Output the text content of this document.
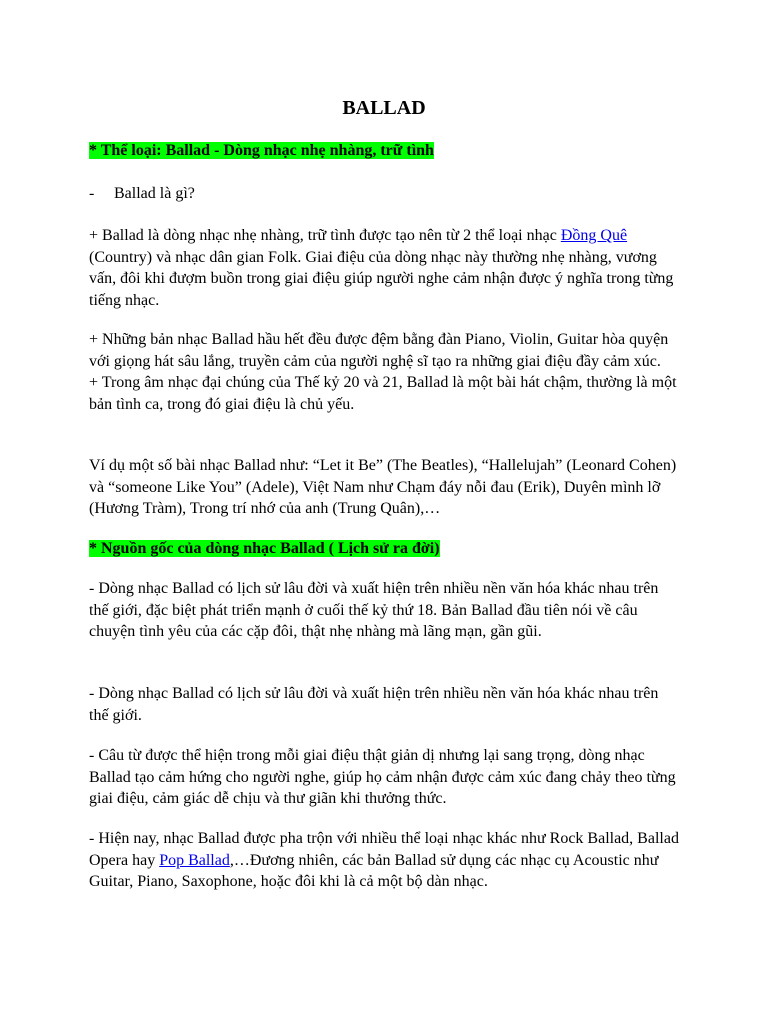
BALLAD
* Thể loại: Ballad - Dòng nhạc nhẹ nhàng, trữ tình
- Ballad là gì?

+ Ballad là dòng nhạc nhẹ nhàng, trữ tình được tạo nên từ 2 thể loại nhạc Đồng Quê (Country) và nhạc dân gian Folk. Giai điệu của dòng nhạc này thường nhẹ nhàng, vương vấn, đôi khi đượm buồn trong giai điệu giúp người nghe cảm nhận được ý nghĩa trong từng tiếng nhạc.

+ Những bản nhạc Ballad hầu hết đều được đệm bằng đàn Piano, Violin, Guitar hòa quyện với giọng hát sâu lắng, truyền cảm của người nghệ sĩ tạo ra những giai điệu đầy cảm xúc.

+ Trong âm nhạc đại chúng của Thế kỷ 20 và 21, Ballad là một bài hát chậm, thường là một bản tình ca, trong đó giai điệu là chủ yếu.

Ví dụ một số bài nhạc Ballad như: “Let it Be” (The Beatles), “Hallelujah” (Leonard Cohen) và “someone Like You” (Adele), Việt Nam như Chạm đáy nỗi đau (Erik), Duyên mình lỡ (Hương Tràm), Trong trí nhớ của anh (Trung Quân),…

* Nguồn gốc của dòng nhạc Ballad ( Lịch sử ra đời)

- Dòng nhạc Ballad có lịch sử lâu đời và xuất hiện trên nhiều nền văn hóa khác nhau trên thế giới, đặc biệt phát triển mạnh ở cuối thế kỷ thứ 18. Bản Ballad đầu tiên nói về câu chuyện tình yêu của các cặp đôi, thật nhẹ nhàng mà lãng mạn, gần gũi.

- Dòng nhạc Ballad có lịch sử lâu đời và xuất hiện trên nhiều nền văn hóa khác nhau trên thế giới.

- Câu từ được thể hiện trong mỗi giai điệu thật giản dị nhưng lại sang trọng, dòng nhạc Ballad tạo cảm hứng cho người nghe, giúp họ cảm nhận được cảm xúc đang chảy theo từng giai điệu, cảm giác dễ chịu và thư giãn khi thưởng thức.

- Hiện nay, nhạc Ballad được pha trộn với nhiều thể loại nhạc khác như Rock Ballad, Ballad Opera hay Pop Ballad,…Đương nhiên, các bản Ballad sử dụng các nhạc cụ Acoustic như Guitar, Piano, Saxophone, hoặc đôi khi là cả một bộ dàn nhạc.
